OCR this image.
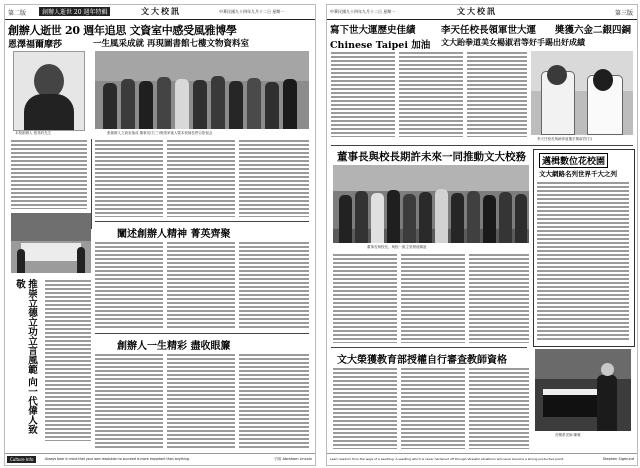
第二版	創辦人逝世 20 週年特輯	文大校訊	中華民國九十四年九月十二日 星期一
創辦人逝世 20 週年追思 文資室中感受風雅博學
恩澤福爾摩莎	一生風采成就 再現圖書館七樓文物資料室
本校創辦人 張其昀先生	張創辦人文資室落成 董事長(右三)與張家後人暨本校師長們合影留念
闡述創辦人精神 菁英齊聚
推崇立德立功立言風範 向一代偉人致敬
創辦人一生精彩 盡收眼簾
Culture Info	Always bear in mind that your own resolution to succeed is more important than anything.	引用 Abraham Lincoln
中華民國九十四年九月十二日 星期一	文大校訊	第三版
寫下世大運歷史佳績
Chinese Taipei 加油
李天任校長領軍世大運 奬獲六金二銀四銅
文大跆拳道美女楊淑君等好手踢出好成績
李天任校長與跆拳道選手楊淑君(右)
董事長與校長期許未來一同推動文大校務
董事長與校長、與校一級主管餐敘聯誼
邁楫數位花校園
文大網路名列世界千大之列
文大榮獲教育部授權自行審查教師資格
音樂系老師 陳雅
Learn wisdom from the ways of a seedling. A seedling which is never hardened off through stressful situations will never become a strong productive plant.	Stephen Sigmund
